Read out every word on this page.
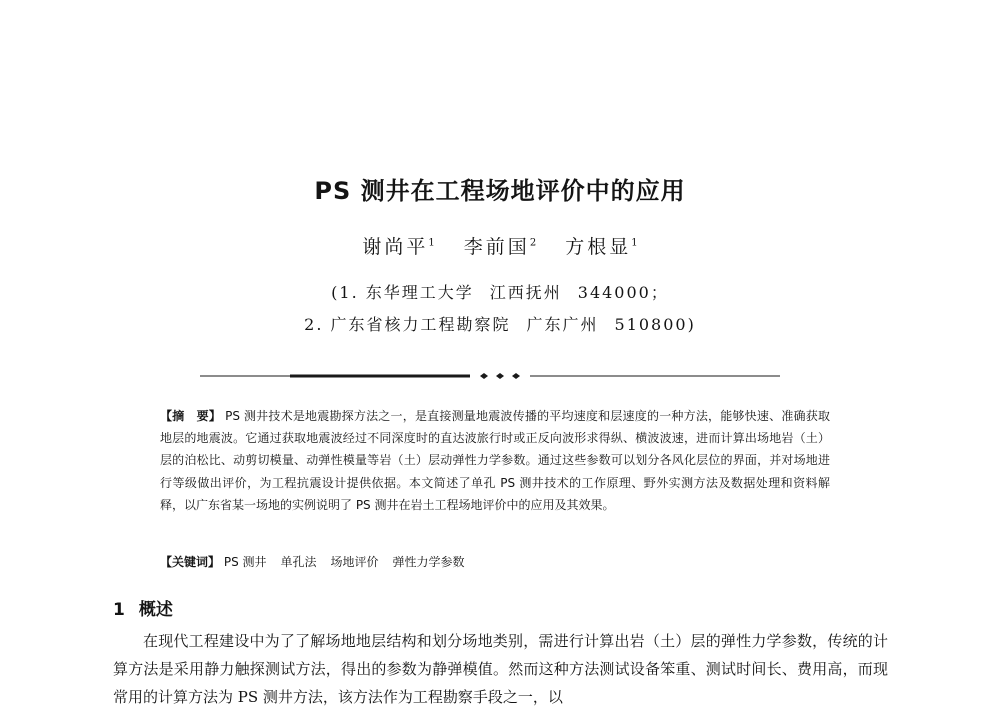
PS 测井在工程场地评价中的应用
谢尚平$^1$ 李前国$^2$ 方根显$^1$
(1. 东华理工大学 江西抚州 344000；
2. 广东省核力工程勘察院 广东广州 510800)
【摘　要】 PS 测井技术是地震勘探方法之一，是直接测量地震波传播的平均速度和层速度的一种方法，能够快速、准确获取地层的地震波。它通过获取地震波经过不同深度时的直达波旅行时或正反向波形求得纵、横波波速，进而计算出场地岩（土）层的泊松比、动剪切模量、动弹性模量等岩（土）层动弹性力学参数。通过这些参数可以划分各风化层位的界面，并对场地进行等级做出评价，为工程抗震设计提供依据。本文简述了单孔 PS 测井技术的工作原理、野外实测方法及数据处理和资料解释，以广东省某一场地的实例说明了 PS 测井在岩土工程场地评价中的应用及其效果。
【关键词】 PS 测井 单孔法 场地评价 弹性力学参数
1 概述
在现代工程建设中为了了解场地地层结构和划分场地类别，需进行计算出岩（土）层的弹性力学参数，传统的计算方法是采用静力触探测试方法，得出的参数为静弹模值。然而这种方法测试设备笨重、测试时间长、费用高，而现常用的计算方法为 PS 测井方法，该方法作为工程勘察手段之一，以
